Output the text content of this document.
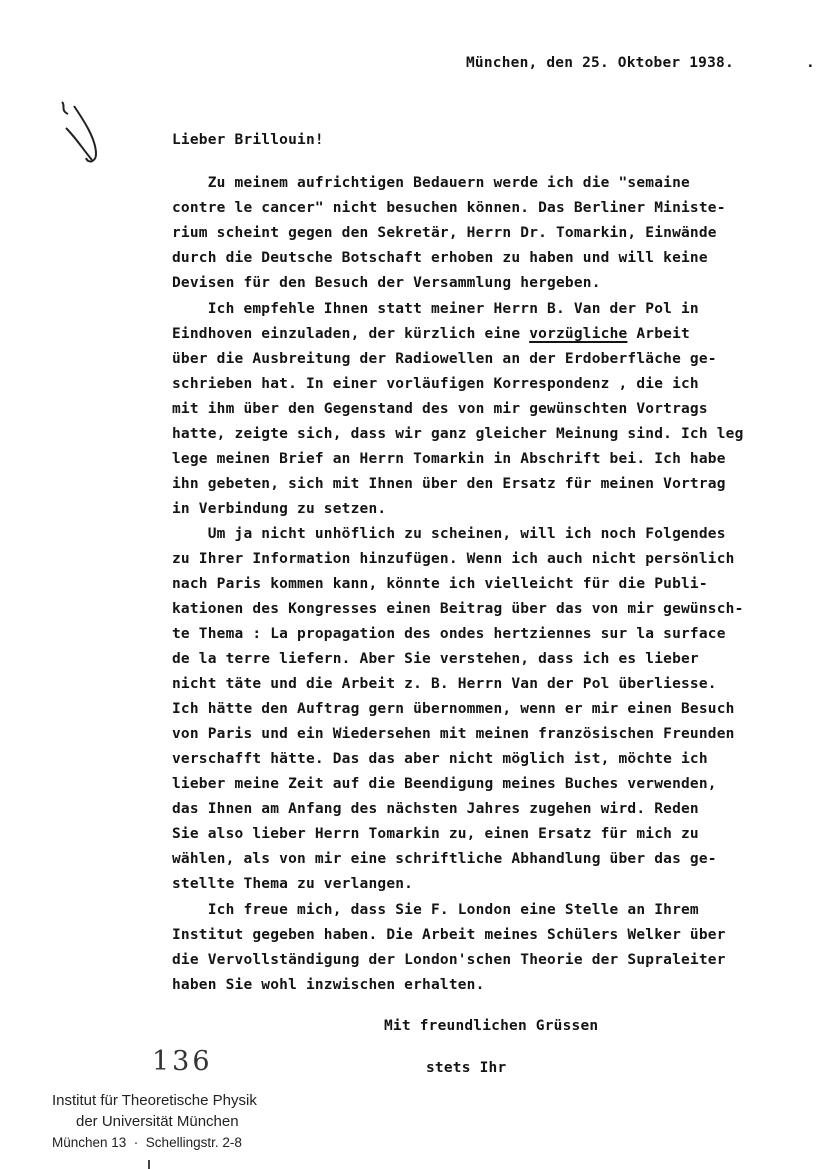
München, den 25. Oktober 1938.	.
Lieber Brillouin!
Zu meinem aufrichtigen Bedauern werde ich die "semaine
contre le cancer" nicht besuchen können. Das Berliner Ministe-
rium scheint gegen den Sekretär, Herrn Dr. Tomarkin, Einwände
durch die Deutsche Botschaft erhoben zu haben und will keine
Devisen für den Besuch der Versammlung hergeben.
Ich empfehle Ihnen statt meiner Herrn B. Van der Pol in
Eindhoven einzuladen, der kürzlich eine vorzügliche Arbeit
über die Ausbreitung der Radiowellen an der Erdoberfläche ge-
schrieben hat. In einer vorläufigen Korrespondenz , die ich
mit ihm über den Gegenstand des von mir gewünschten Vortrags
hatte, zeigte sich, dass wir ganz gleicher Meinung sind. Ich leg
lege meinen Brief an Herrn Tomarkin in Abschrift bei. Ich habe
ihn gebeten, sich mit Ihnen über den Ersatz für meinen Vortrag
in Verbindung zu setzen.
Um ja nicht unhöflich zu scheinen, will ich noch Folgendes
zu Ihrer Information hinzufügen. Wenn ich auch nicht persönlich
nach Paris kommen kann, könnte ich vielleicht für die Publi-
kationen des Kongresses einen Beitrag über das von mir gewünsch-
te Thema : La propagation des ondes hertziennes sur la surface
de la terre liefern. Aber Sie verstehen, dass ich es lieber
nicht täte und die Arbeit z. B. Herrn Van der Pol überliesse.
Ich hätte den Auftrag gern übernommen, wenn er mir einen Besuch
von Paris und ein Wiedersehen mit meinen französischen Freunden
verschafft hätte. Das das aber nicht möglich ist, möchte ich
lieber meine Zeit auf die Beendigung meines Buches verwenden,
das Ihnen am Anfang des nächsten Jahres zugehen wird. Reden
Sie also lieber Herrn Tomarkin zu, einen Ersatz für mich zu
wählen, als von mir eine schriftliche Abhandlung über das ge-
stellte Thema zu verlangen.
Ich freue mich, dass Sie F. London eine Stelle an Ihrem
Institut gegeben haben. Die Arbeit meines Schülers Welker über
die Vervollständigung der London'schen Theorie der Supraleiter
haben Sie wohl inzwischen erhalten.
Mit freundlichen Grüssen
stets Ihr
136
Institut für Theoretische Physik
der Universität München
München 13  ·  Schellingstr. 2-8
